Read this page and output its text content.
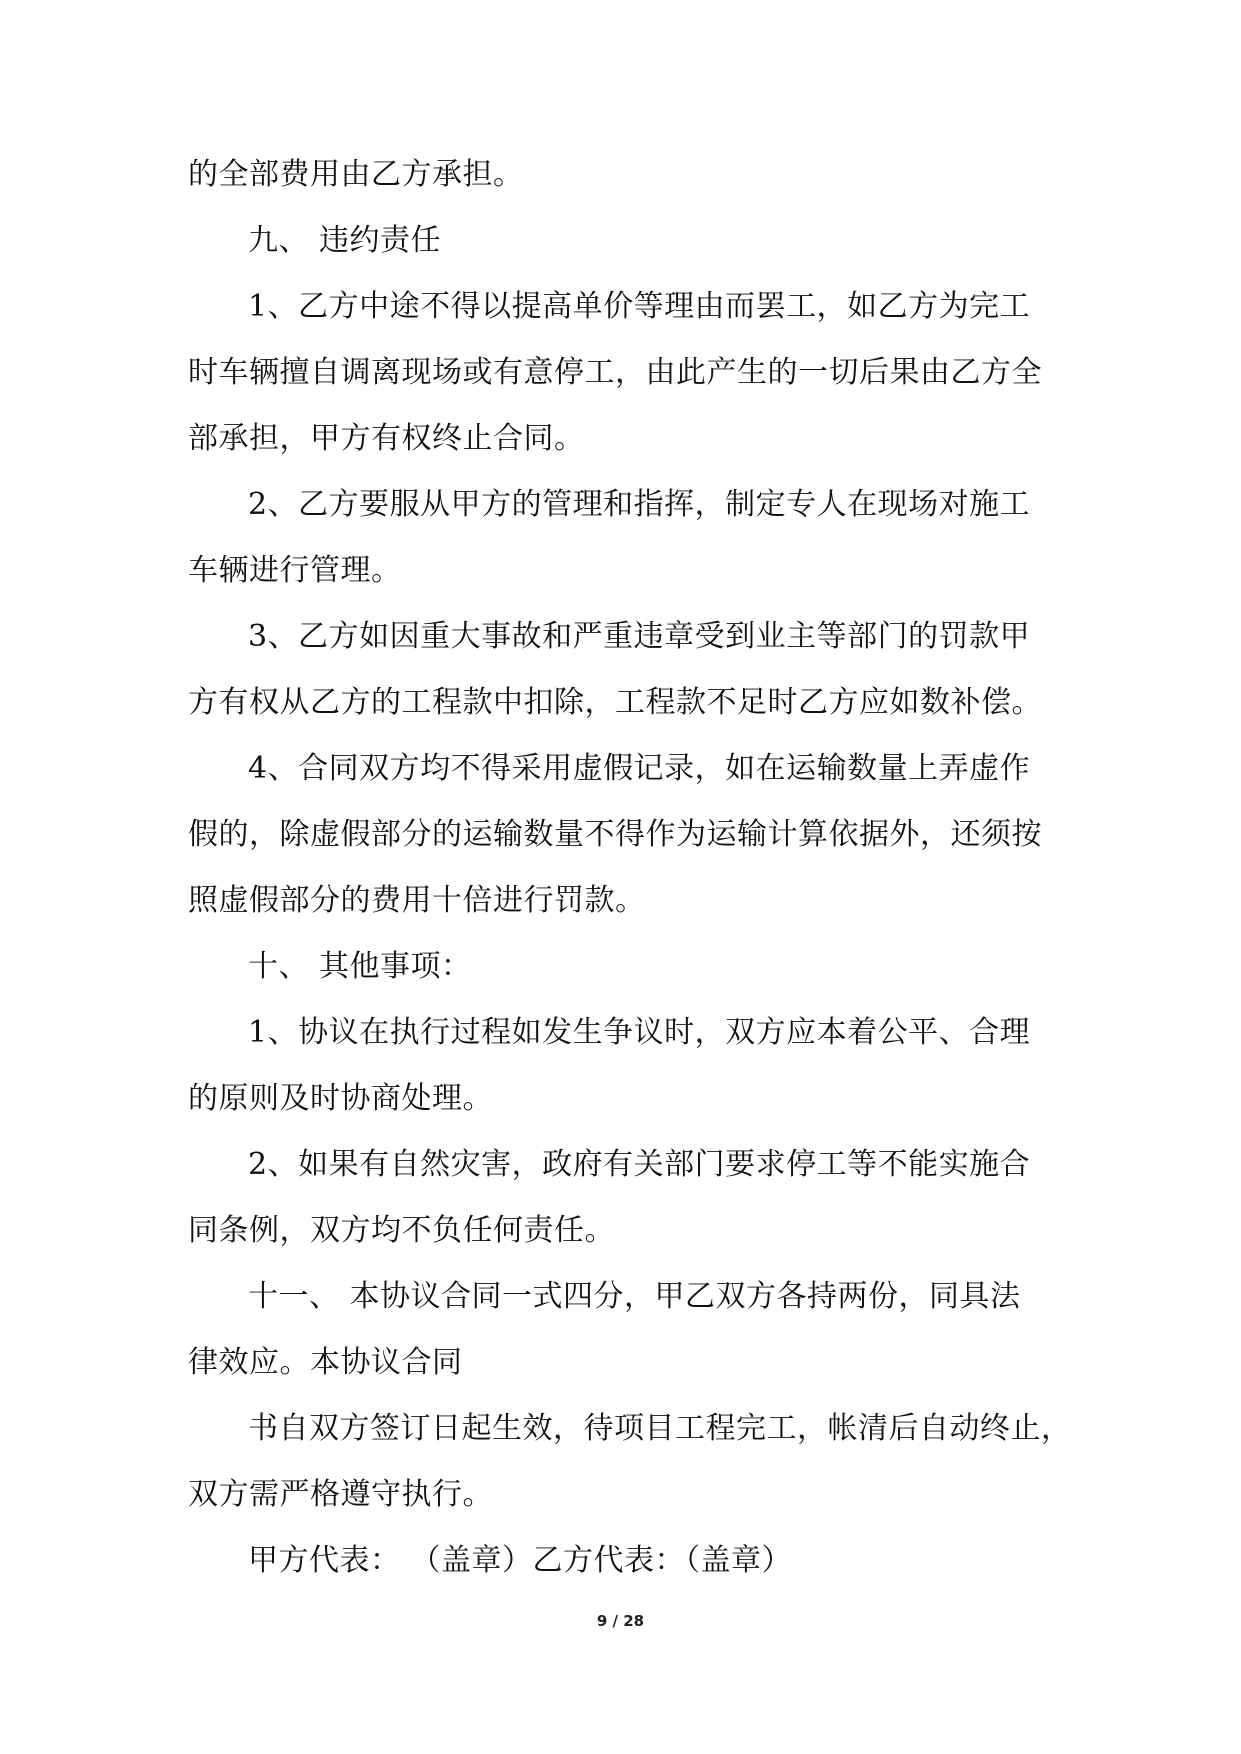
的全部费用由乙方承担。

九、 违约责任

1、乙方中途不得以提高单价等理由而罢工，如乙方为完工

时车辆擅自调离现场或有意停工，由此产生的一切后果由乙方全

部承担，甲方有权终止合同。

2、乙方要服从甲方的管理和指挥，制定专人在现场对施工

车辆进行管理。

3、乙方如因重大事故和严重违章受到业主等部门的罚款甲

方有权从乙方的工程款中扣除，工程款不足时乙方应如数补偿。

4、合同双方均不得采用虚假记录，如在运输数量上弄虚作

假的，除虚假部分的运输数量不得作为运输计算依据外，还须按

照虚假部分的费用十倍进行罚款。

十、 其他事项：

1、协议在执行过程如发生争议时，双方应本着公平、合理

的原则及时协商处理。

2、如果有自然灾害，政府有关部门要求停工等不能实施合

同条例，双方均不负任何责任。

十一、 本协议合同一式四分，甲乙双方各持两份，同具法

律效应。本协议合同

书自双方签订日起生效，待项目工程完工，帐清后自动终止，

双方需严格遵守执行。

甲方代表： （盖章）乙方代表：（盖章）

9 / 28
